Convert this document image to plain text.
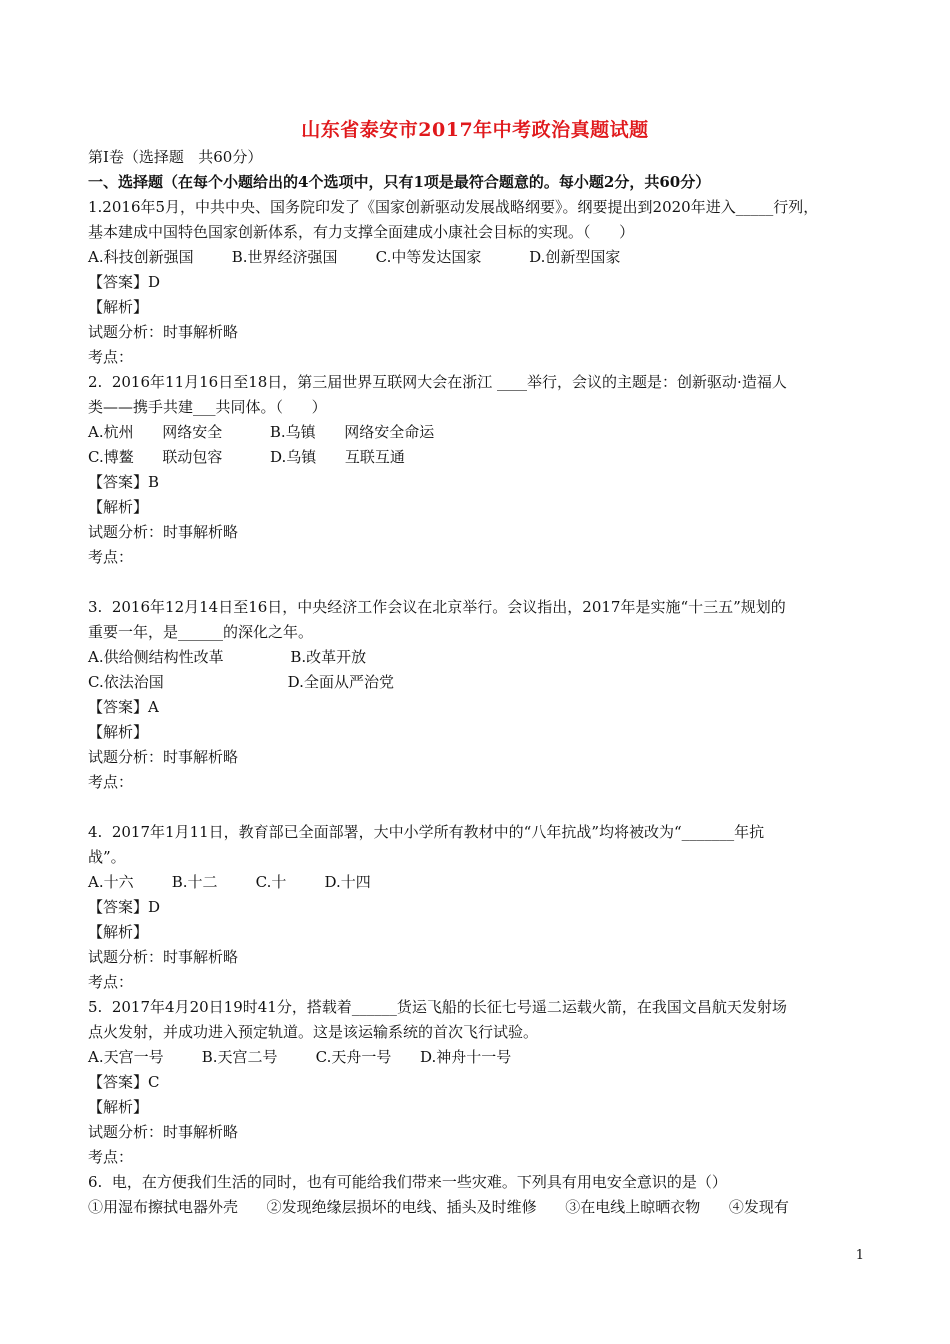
山东省泰安市2017年中考政治真题试题
第Ⅰ卷（选择题   共60分）
一、选择题（在每个小题给出的4个选项中，只有1项是最符合题意的。每小题2分，共60分）
1.2016年5月，中共中央、国务院印发了《国家创新驱动发展战略纲要》。纲要提出到2020年进入_____行列，
基本建成中国特色国家创新体系，有力支撑全面建成小康社会目标的实现。（      ）
A.科技创新强国        B.世界经济强国        C.中等发达国家          D.创新型国家
【答案】D
【解析】
试题分析：时事解析略
考点：
2.  2016年11月16日至18日，第三届世界互联网大会在浙江 ____举行，会议的主题是：创新驱动·造福人
类——携手共建___共同体。（      ）
A.杭州      网络安全          B.乌镇      网络安全命运
C.博鳌      联动包容          D.乌镇      互联互通
【答案】B
【解析】
试题分析：时事解析略
考点：
3.  2016年12月14日至16日，中央经济工作会议在北京举行。会议指出，2017年是实施“十三五”规划的
重要一年，是______的深化之年。
A.供给侧结构性改革              B.改革开放
C.依法治国                          D.全面从严治党
【答案】A
【解析】
试题分析：时事解析略
考点：
4.  2017年1月11日，教育部已全面部署，大中小学所有教材中的“八年抗战”均将被改为“_______年抗
战”。
A.十六        B.十二        C.十        D.十四
【答案】D
【解析】
试题分析：时事解析略
考点：
5.  2017年4月20日19时41分，搭载着______货运飞船的长征七号遥二运载火箭，在我国文昌航天发射场
点火发射，并成功进入预定轨道。这是该运输系统的首次飞行试验。
A.天宫一号        B.天宫二号        C.天舟一号      D.神舟十一号
【答案】C
【解析】
试题分析：时事解析略
考点：
6.  电，在方便我们生活的同时，也有可能给我们带来一些灾难。下列具有用电安全意识的是（）
①用湿布擦拭电器外壳      ②发现绝缘层损坏的电线、插头及时维修      ③在电线上晾晒衣物      ④发现有
1
